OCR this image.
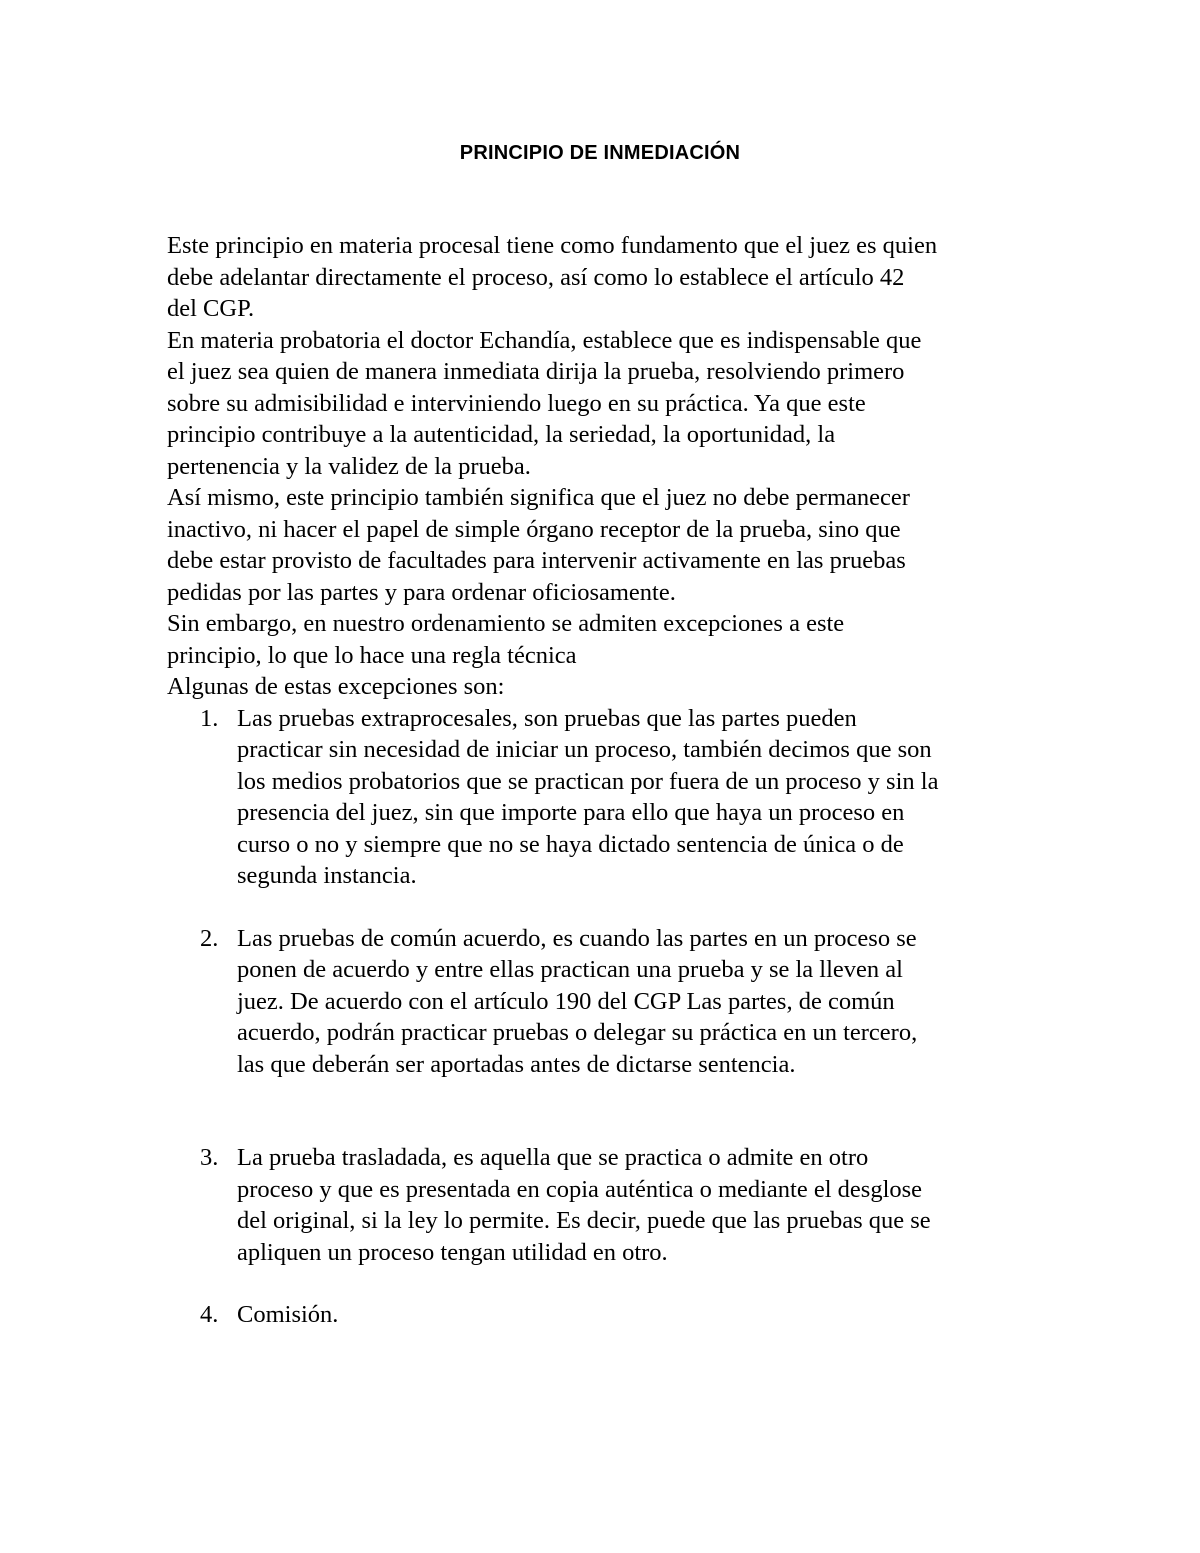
PRINCIPIO DE INMEDIACIÓN
Este principio en materia procesal tiene como fundamento que el juez es quien
debe adelantar directamente el proceso, así como lo establece el artículo 42
del CGP.
En materia probatoria el doctor Echandía, establece que es indispensable que
el juez sea quien de manera inmediata dirija la prueba, resolviendo primero
sobre su admisibilidad e interviniendo luego en su práctica. Ya que este
principio contribuye a la autenticidad, la seriedad, la oportunidad, la
pertenencia y la validez de la prueba.
Así mismo, este principio también significa que el juez no debe permanecer
inactivo, ni hacer el papel de simple órgano receptor de la prueba, sino que
debe estar provisto de facultades para intervenir activamente en las pruebas
pedidas por las partes y para ordenar oficiosamente.
Sin embargo, en nuestro ordenamiento se admiten excepciones a este
principio, lo que lo hace una regla técnica
Algunas de estas excepciones son:
1. Las pruebas extraprocesales, son pruebas que las partes pueden
practicar sin necesidad de iniciar un proceso, también decimos que son
los medios probatorios que se practican por fuera de un proceso y sin la
presencia del juez, sin que importe para ello que haya un proceso en
curso o no y siempre que no se haya dictado sentencia de única o de
segunda instancia.
2. Las pruebas de común acuerdo, es cuando las partes en un proceso se
ponen de acuerdo y entre ellas practican una prueba y se la lleven al
juez. De acuerdo con el artículo 190 del CGP Las partes, de común
acuerdo, podrán practicar pruebas o delegar su práctica en un tercero,
las que deberán ser aportadas antes de dictarse sentencia.
3. La prueba trasladada, es aquella que se practica o admite en otro
proceso y que es presentada en copia auténtica o mediante el desglose
del original, si la ley lo permite. Es decir, puede que las pruebas que se
apliquen un proceso tengan utilidad en otro.
4. Comisión.
